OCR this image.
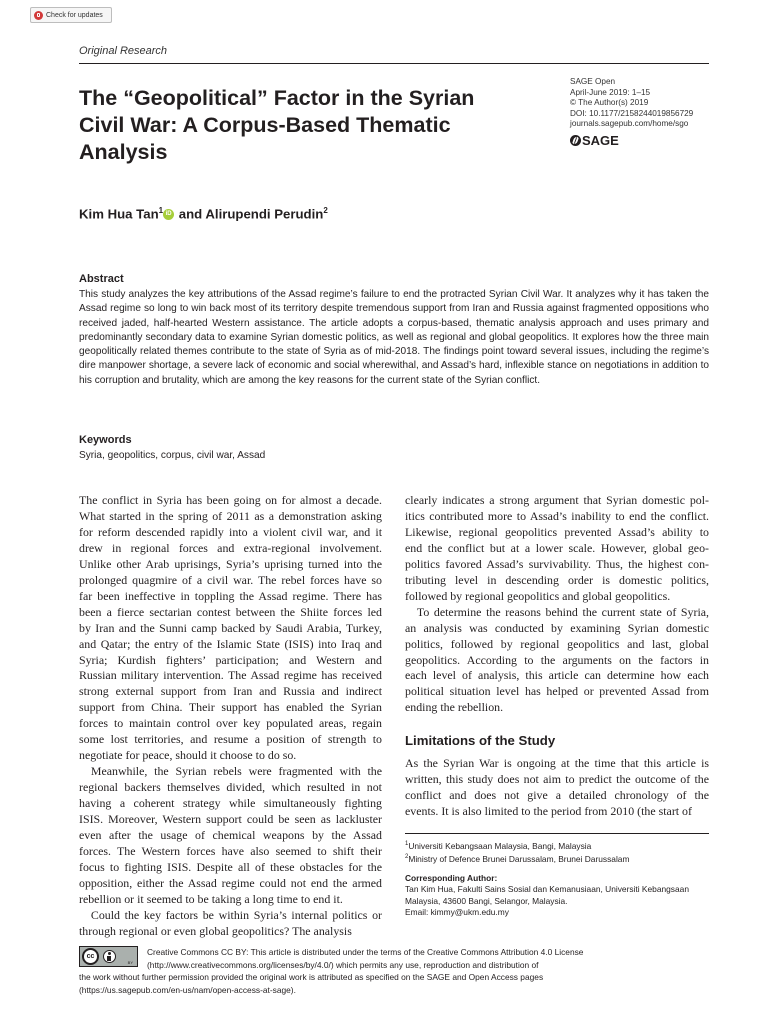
Check for updates
Original Research
The “Geopolitical” Factor in the Syrian
Civil War: A Corpus-Based Thematic
Analysis
SAGE Open
April-June 2019: 1–15
© The Author(s) 2019
DOI: 10.1177/2158244019856729
journals.sagepub.com/home/sgo
SAGE
Kim Hua Tan$^1$ iD and Alirupendi Perudin$^2$
Abstract
This study analyzes the key attributions of the Assad regime’s failure to end the protracted Syrian Civil War. It analyzes why it has taken the Assad regime so long to win back most of its territory despite tremendous support from Iran and Russia against fragmented oppositions who received jaded, half-hearted Western assistance. The article adopts a corpus-based, thematic analysis approach and uses primary and predominantly secondary data to examine Syrian domestic politics, as well as regional and global geopolitics. It explores how the three main geopolitically related themes contribute to the state of Syria as of mid-2018. The findings point toward several issues, including the regime’s dire manpower shortage, a severe lack of economic and social wherewithal, and Assad’s hard, inflexible stance on negotiations in addition to his corruption and brutality, which are among the key reasons for the current state of the Syrian conflict.
Keywords
Syria, geopolitics, corpus, civil war, Assad
The conflict in Syria has been going on for almost a decade.
What started in the spring of 2011 as a demonstration asking
for reform descended rapidly into a violent civil war, and it
drew in regional forces and extra-regional involvement.
Unlike other Arab uprisings, Syria’s uprising turned into the
prolonged quagmire of a civil war. The rebel forces have so
far been ineffective in toppling the Assad regime. There has
been a fierce sectarian contest between the Shiite forces led
by Iran and the Sunni camp backed by Saudi Arabia, Turkey,
and Qatar; the entry of the Islamic State (ISIS) into Iraq and
Syria; Kurdish fighters’ participation; and Western and
Russian military intervention. The Assad regime has received
strong external support from Iran and Russia and indirect
support from China. Their support has enabled the Syrian
forces to maintain control over key populated areas, regain
some lost territories, and resume a position of strength to
negotiate for peace, should it choose to do so.
 Meanwhile, the Syrian rebels were fragmented with the
regional backers themselves divided, which resulted in not
having a coherent strategy while simultaneously fighting
ISIS. Moreover, Western support could be seen as lackluster
even after the usage of chemical weapons by the Assad
forces. The Western forces have also seemed to shift their
focus to fighting ISIS. Despite all of these obstacles for the
opposition, either the Assad regime could not end the armed
rebellion or it seemed to be taking a long time to end it.
 Could the key factors be within Syria’s internal politics or
through regional or even global geopolitics? The analysis
clearly indicates a strong argument that Syrian domestic pol-
itics contributed more to Assad’s inability to end the conflict.
Likewise, regional geopolitics prevented Assad’s ability to
end the conflict but at a lower scale. However, global geo-
politics favored Assad’s survivability. Thus, the highest con-
tributing level in descending order is domestic politics,
followed by regional geopolitics and global geopolitics.
 To determine the reasons behind the current state of Syria,
an analysis was conducted by examining Syrian domestic
politics, followed by regional geopolitics and last, global
geopolitics. According to the arguments on the factors in
each level of analysis, this article can determine how each
political situation level has helped or prevented Assad from
ending the rebellion.
Limitations of the Study
As the Syrian War is ongoing at the time that this article is
written, this study does not aim to predict the outcome of the
conflict and does not give a detailed chronology of the
events. It is also limited to the period from 2010 (the start of
$^1$Universiti Kebangsaan Malaysia, Bangi, Malaysia
$^2$Ministry of Defence Brunei Darussalam, Brunei Darussalam
Corresponding Author:
Tan Kim Hua, Fakulti Sains Sosial dan Kemanusiaan, Universiti Kebangsaan
Malaysia, 43600 Bangi, Selangor, Malaysia.
Email: kimmy@ukm.edu.my
Creative Commons CC BY: This article is distributed under the terms of the Creative Commons Attribution 4.0 License
(http://www.creativecommons.org/licenses/by/4.0/) which permits any use, reproduction and distribution of
the work without further permission provided the original work is attributed as specified on the SAGE and Open Access pages
(https://us.sagepub.com/en-us/nam/open-access-at-sage).
cc
BY
